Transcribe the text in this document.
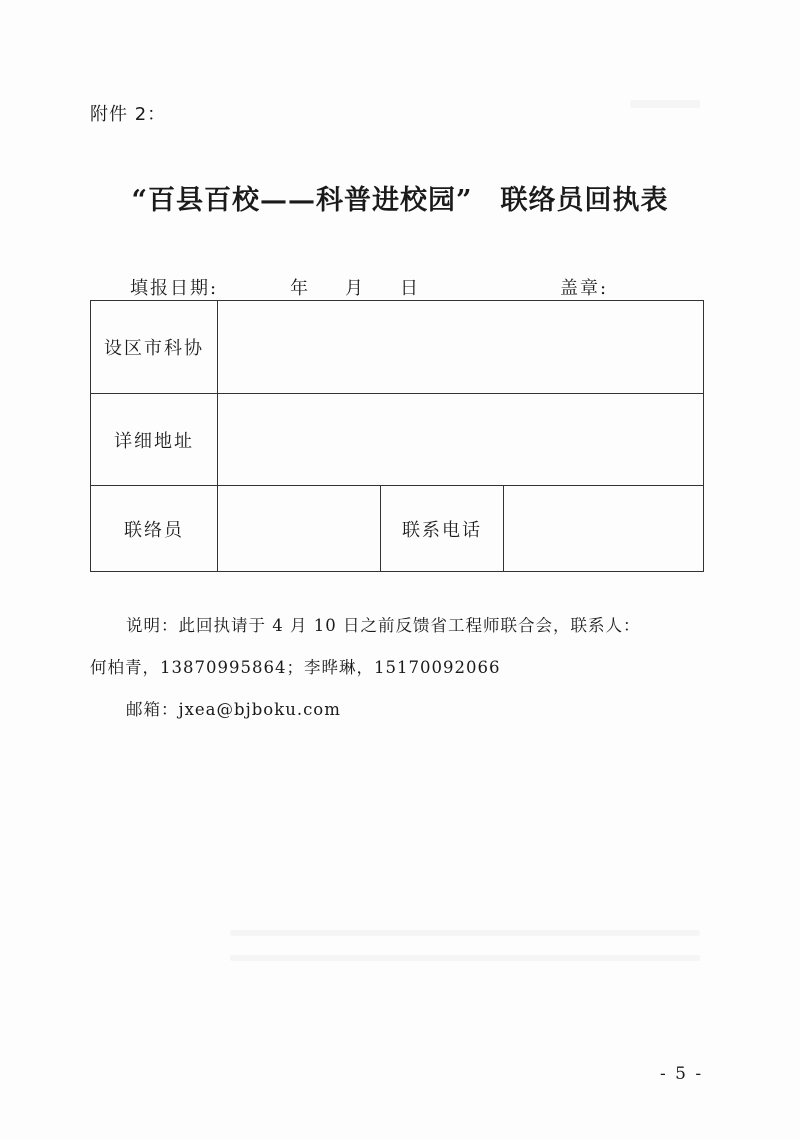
附件 2：
“百县百校——科普进校园”　联络员回执表
填报日期:	年 月 日	盖章:
设区市科协			
详细地址			
联络员		联系电话	
说明：此回执请于 4 月 10 日之前反馈省工程师联合会，联系人：
何柏青，13870995864；李晔琳，15170092066
邮箱：jxea@bjboku.com
- 5 -
